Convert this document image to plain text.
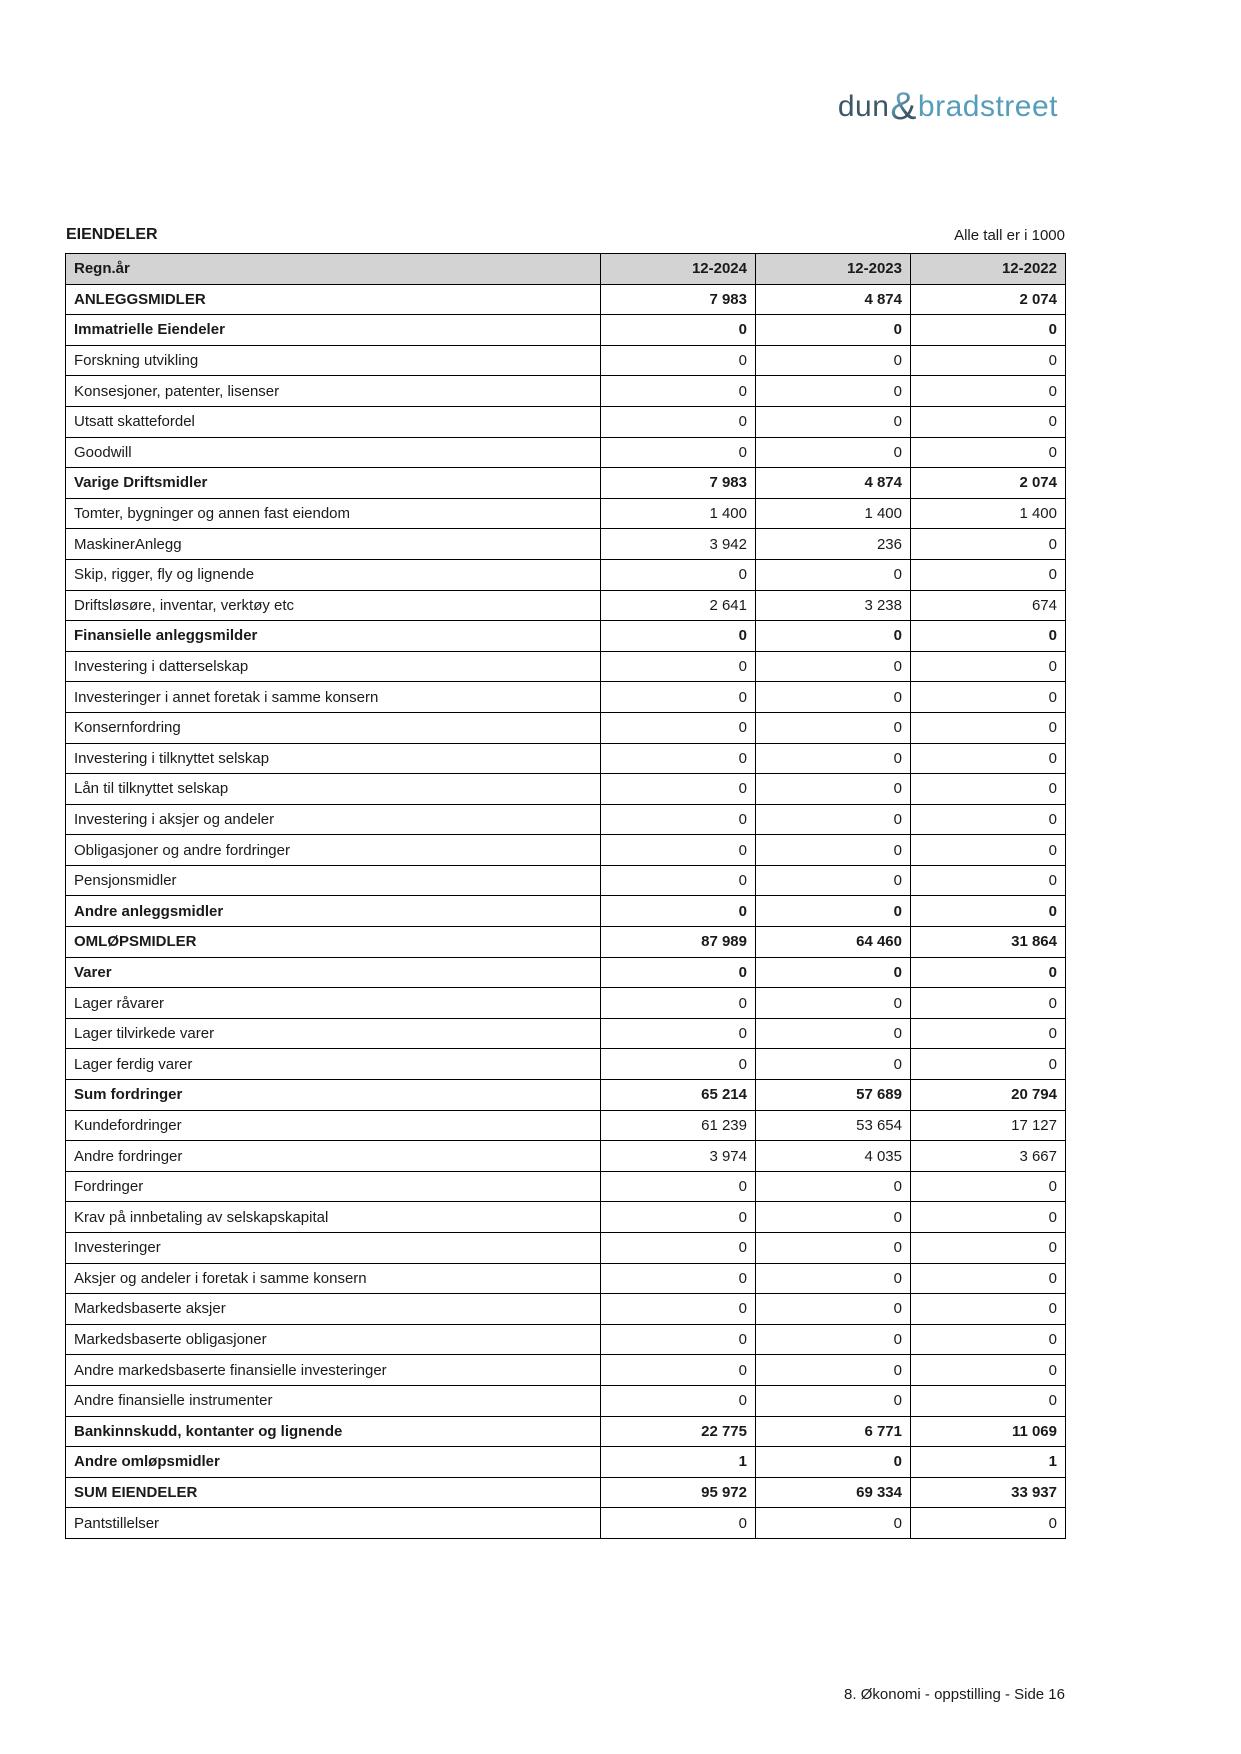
dun&bradstreet
EIENDELER	Alle tall er i 1000
Regn.år	12-2024	12-2023	12-2022
ANLEGGSMIDLER	7 983	4 874	2 074
Immatrielle Eiendeler	0	0	0
Forskning utvikling	0	0	0
Konsesjoner, patenter, lisenser	0	0	0
Utsatt skattefordel	0	0	0
Goodwill	0	0	0
Varige Driftsmidler	7 983	4 874	2 074
Tomter, bygninger og annen fast eiendom	1 400	1 400	1 400
MaskinerAnlegg	3 942	236	0
Skip, rigger, fly og lignende	0	0	0
Driftsløsøre, inventar, verktøy etc	2 641	3 238	674
Finansielle anleggsmilder	0	0	0
Investering i datterselskap	0	0	0
Investeringer i annet foretak i samme konsern	0	0	0
Konsernfordring	0	0	0
Investering i tilknyttet selskap	0	0	0
Lån til tilknyttet selskap	0	0	0
Investering i aksjer og andeler	0	0	0
Obligasjoner og andre fordringer	0	0	0
Pensjonsmidler	0	0	0
Andre anleggsmidler	0	0	0
OMLØPSMIDLER	87 989	64 460	31 864
Varer	0	0	0
Lager råvarer	0	0	0
Lager tilvirkede varer	0	0	0
Lager ferdig varer	0	0	0
Sum fordringer	65 214	57 689	20 794
Kundefordringer	61 239	53 654	17 127
Andre fordringer	3 974	4 035	3 667
Fordringer	0	0	0
Krav på innbetaling av selskapskapital	0	0	0
Investeringer	0	0	0
Aksjer og andeler i foretak i samme konsern	0	0	0
Markedsbaserte aksjer	0	0	0
Markedsbaserte obligasjoner	0	0	0
Andre markedsbaserte finansielle investeringer	0	0	0
Andre finansielle instrumenter	0	0	0
Bankinnskudd, kontanter og lignende	22 775	6 771	11 069
Andre omløpsmidler	1	0	1
SUM EIENDELER	95 972	69 334	33 937
Pantstillelser	0	0	0
8. Økonomi - oppstilling - Side 16
